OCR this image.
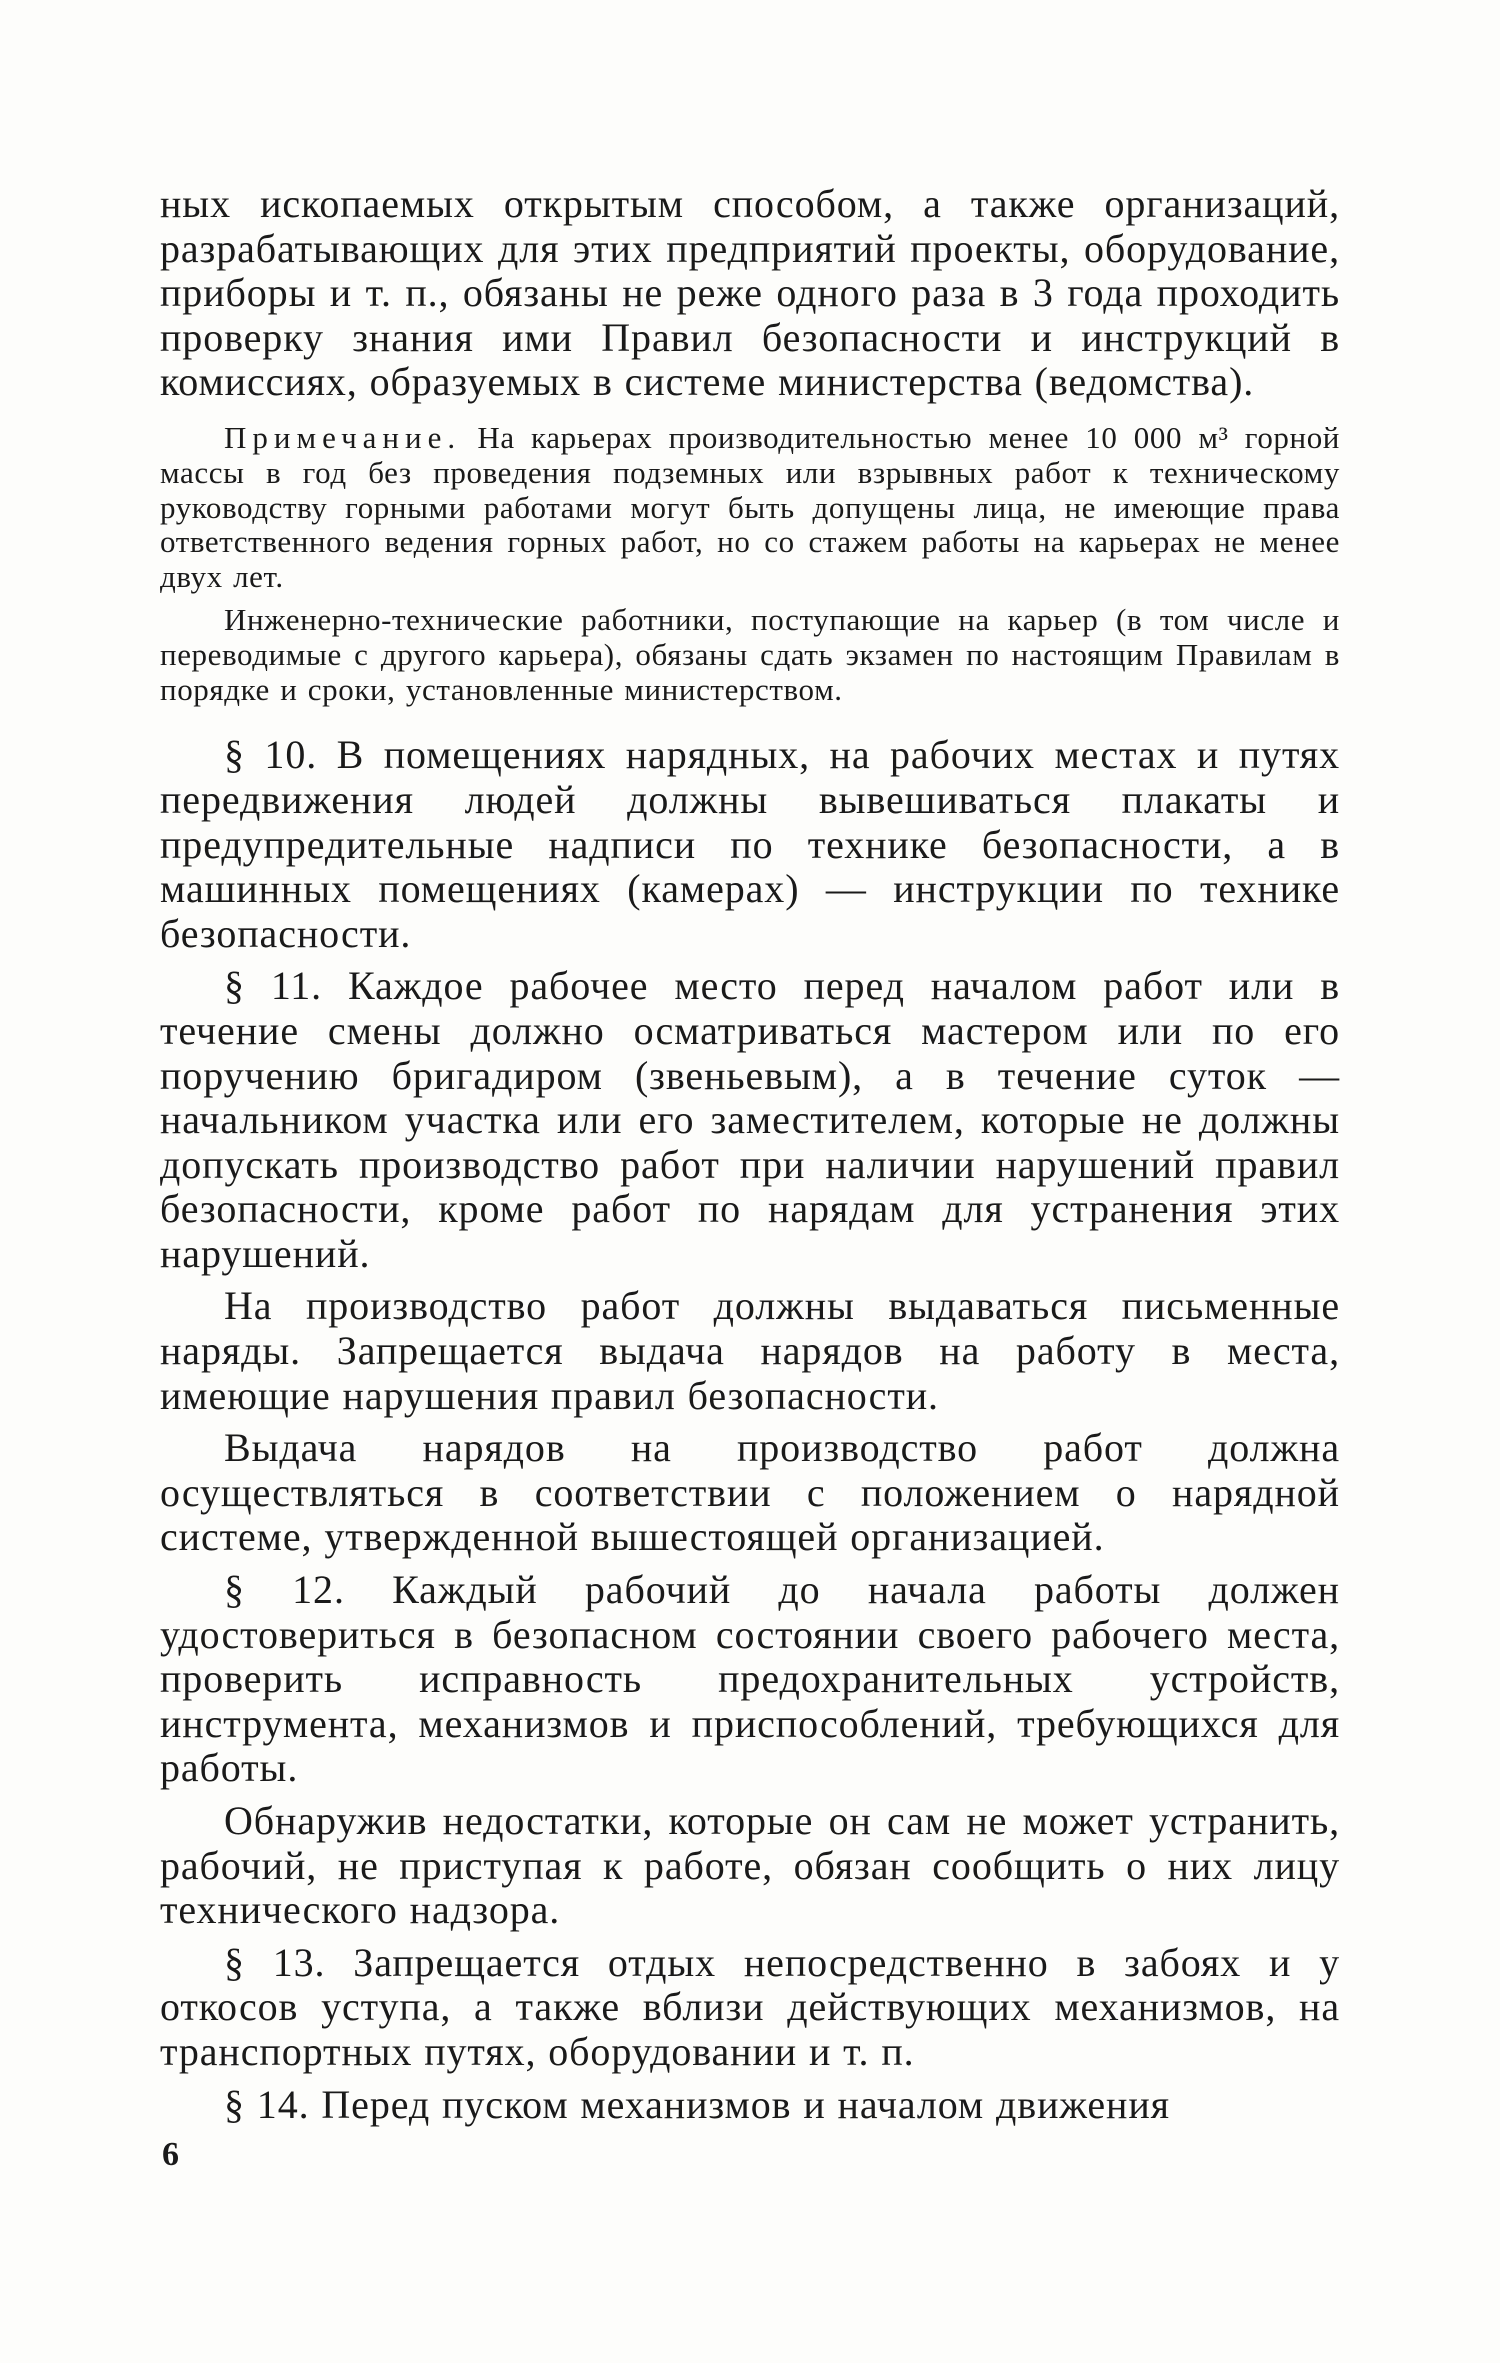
ных ископаемых открытым способом, а также организаций, разрабатывающих для этих предприятий проекты, оборудование, приборы и т. п., обязаны не реже одного раза в 3 года проходить проверку знания ими Правил безопасности и инструкций в комиссиях, образуемых в системе министерства (ведомства).

Примечание. На карьерах производительностью менее 10 000 м³ горной массы в год без проведения подземных или взрывных работ к техническому руководству горными работами могут быть допущены лица, не имеющие права ответственного ведения горных работ, но со стажем работы на карьерах не менее двух лет.

Инженерно-технические работники, поступающие на карьер (в том числе и переводимые с другого карьера), обязаны сдать экзамен по настоящим Правилам в порядке и сроки, установленные министерством.

§ 10. В помещениях нарядных, на рабочих местах и путях передвижения людей должны вывешиваться плакаты и предупредительные надписи по технике безопасности, а в машинных помещениях (камерах) — инструкции по технике безопасности.

§ 11. Каждое рабочее место перед началом работ или в течение смены должно осматриваться мастером или по его поручению бригадиром (звеньевым), а в течение суток — начальником участка или его заместителем, которые не должны допускать производство работ при наличии нарушений правил безопасности, кроме работ по нарядам для устранения этих нарушений.

На производство работ должны выдаваться письменные наряды. Запрещается выдача нарядов на работу в места, имеющие нарушения правил безопасности.

Выдача нарядов на производство работ должна осуществляться в соответствии с положением о нарядной системе, утвержденной вышестоящей организацией.

§ 12. Каждый рабочий до начала работы должен удостовериться в безопасном состоянии своего рабочего места, проверить исправность предохранительных устройств, инструмента, механизмов и приспособлений, требующихся для работы.

Обнаружив недостатки, которые он сам не может устранить, рабочий, не приступая к работе, обязан сообщить о них лицу технического надзора.

§ 13. Запрещается отдых непосредственно в забоях и у откосов уступа, а также вблизи действующих механизмов, на транспортных путях, оборудовании и т. п.

§ 14. Перед пуском механизмов и началом движения

6
